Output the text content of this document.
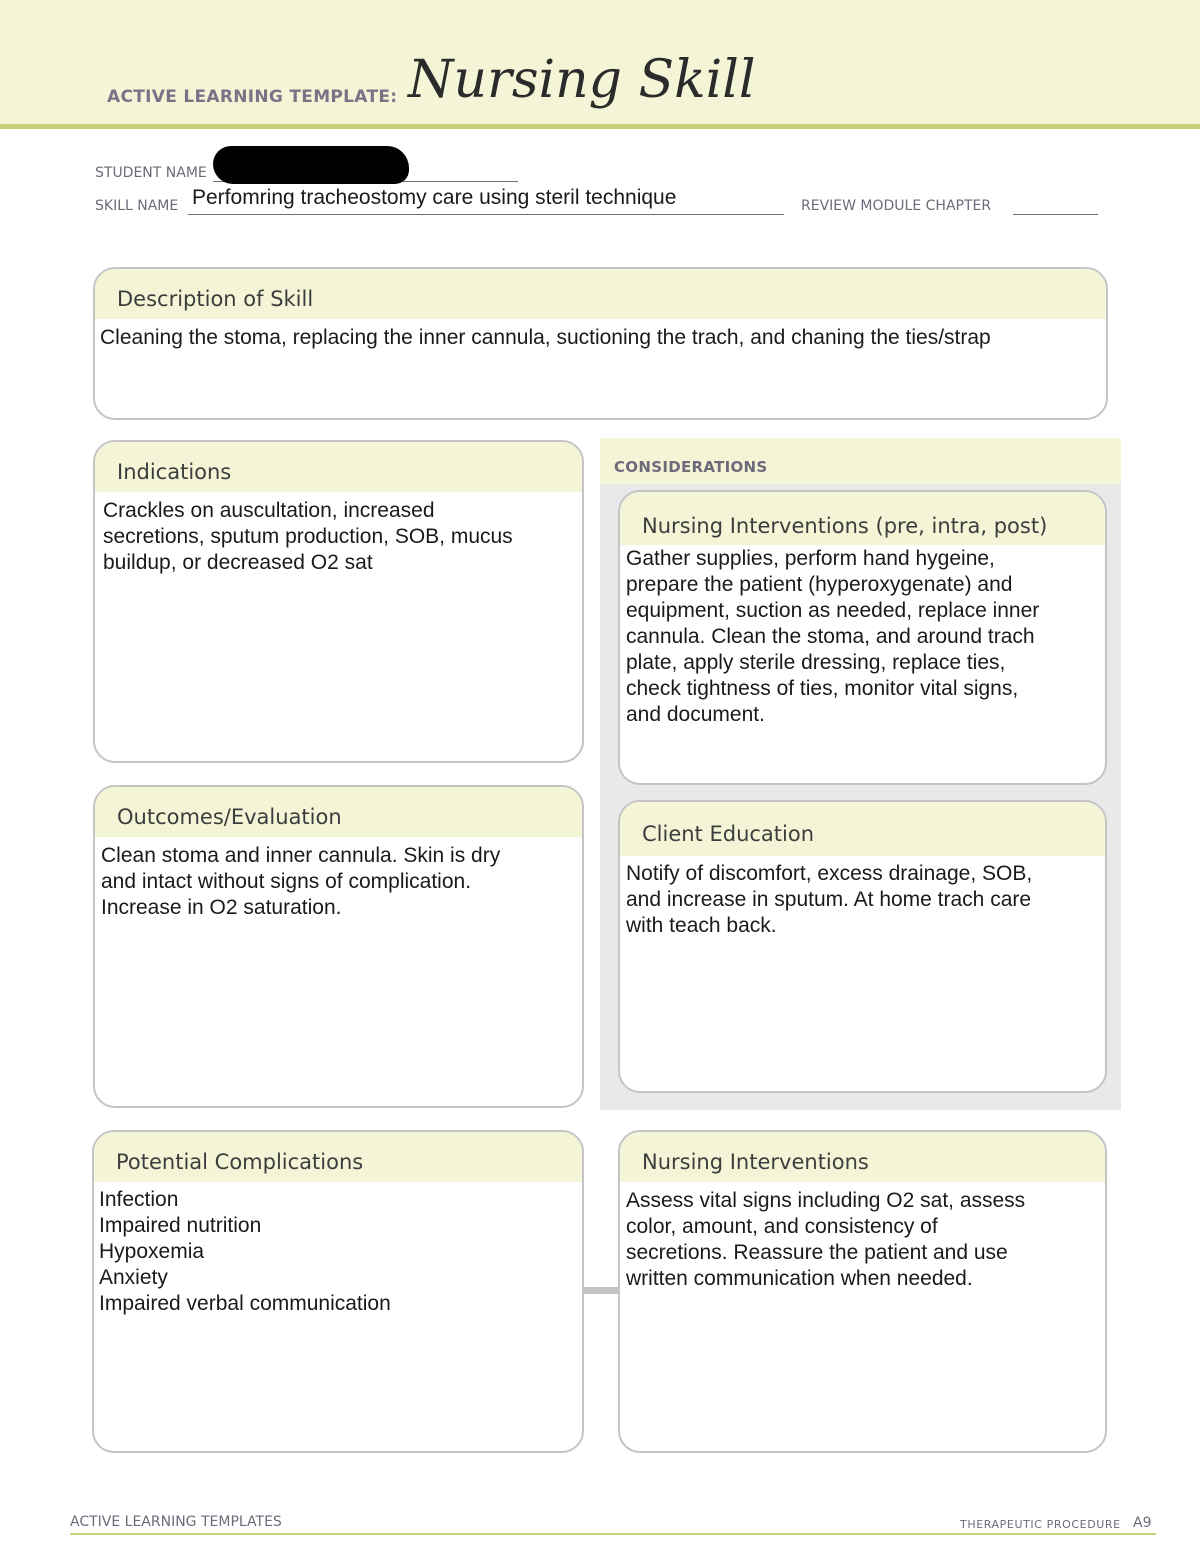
ACTIVE LEARNING TEMPLATE: Nursing Skill
STUDENT NAME
SKILL NAME Perfomring tracheostomy care using steril technique	REVIEW MODULE CHAPTER
Description of Skill
Cleaning the stoma, replacing the inner cannula, suctioning the trach, and chaning the ties/strap
Indications
Crackles on auscultation, increased
secretions, sputum production, SOB, mucus
buildup, or decreased O2 sat
CONSIDERATIONS
Nursing Interventions (pre, intra, post)
Gather supplies, perform hand hygeine,
prepare the patient (hyperoxygenate) and
equipment, suction as needed, replace inner
cannula. Clean the stoma, and around trach
plate, apply sterile dressing, replace ties,
check tightness of ties, monitor vital signs,
and document.
Client Education
Notify of discomfort, excess drainage, SOB,
and increase in sputum. At home trach care
with teach back.
Outcomes/Evaluation
Clean stoma and inner cannula. Skin is dry
and intact without signs of complication.
Increase in O2 saturation.
Potential Complications
Infection
Impaired nutrition
Hypoxemia
Anxiety
Impaired verbal communication
Nursing Interventions
Assess vital signs including O2 sat, assess
color, amount, and consistency of
secretions. Reassure the patient and use
written communication when needed.
ACTIVE LEARNING TEMPLATES	THERAPEUTIC PROCEDURE A9
